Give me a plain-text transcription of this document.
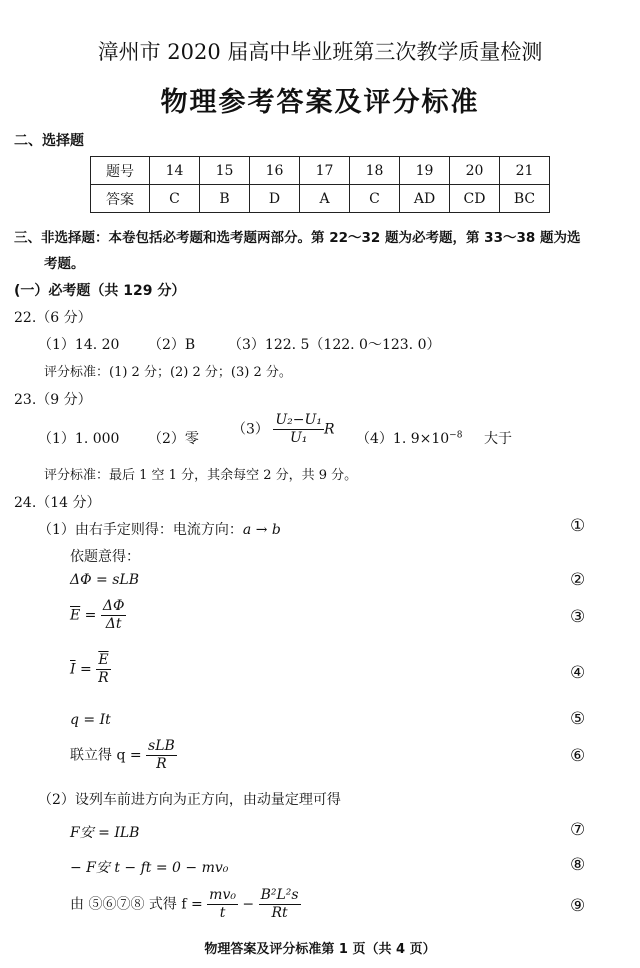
漳州市 2020 届高中毕业班第三次教学质量检测
物理参考答案及评分标准
二、选择题
题号	14	15	16	17	18	19	20	21
答案	C	B	D	A	C	AD	CD	BC
三、非选择题：本卷包括必考题和选考题两部分。第 22～32 题为必考题，第 33～38 题为选
考题。
(一）必考题（共 129 分）
22.（6 分）
（1）14. 20 （2）B （3）122. 5（122. 0～123. 0）
评分标准：(1) 2 分；(2) 2 分；(3) 2 分。
23.（9 分）
（1）1. 000 （2）零
$(3) \frac{\text{U₂−U₁}}{\text{U₁}}$ R
（4）1. $9\times 10^{-8}$ 大于
评分标准：最后 1 空 1 分，其余每空 2 分，共 9 分。
24.（14 分）
（1）由右手定则得：电流方向：a → b
依题意得：
ΔΦ = sLB
$\overline{E} = \frac{\Delta\Phi}{\Delta t}$
$\overline{I} = \frac{\overline{E}}{R}$
q = It
联立得 $q = \frac{\text{sLB}}{R}$
（2）设列车前进方向为正方向，由动量定理可得
F安 = ILB
− F安 t − ft = 0 − mv₀
由 ⑤⑥⑦⑧ 式得 $f = \frac{\text{mv₀}}{t} - \frac{\text{B²L²s}}{Rt}$
①
②
③
④
⑤
⑥
⑦
⑧
⑨
物理答案及评分标准第 1 页（共 4 页）
